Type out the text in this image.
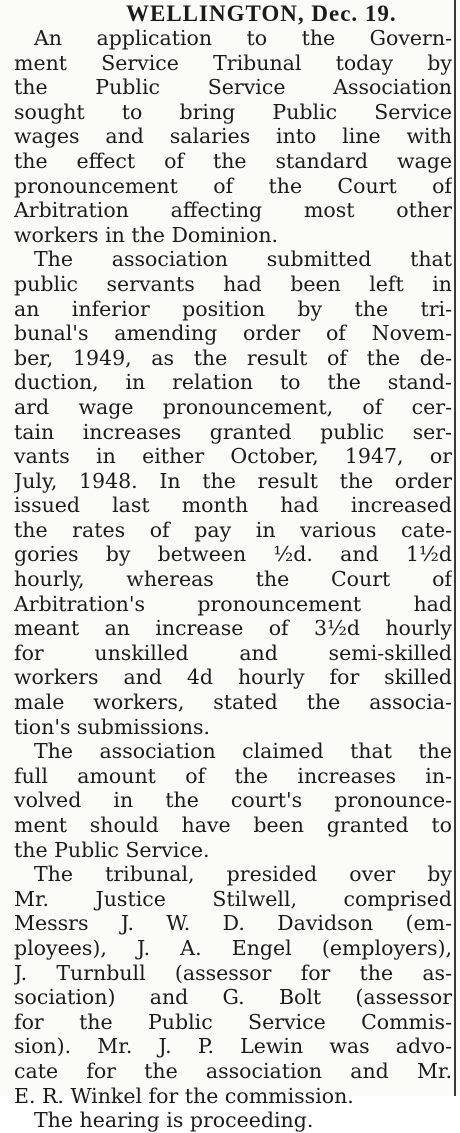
WELLINGTON, Dec. 19.
An application to the Govern-
ment Service Tribunal today by
the Public Service Association
sought to bring Public Service
wages and salaries into line with
the effect of the standard wage
pronouncement of the Court of
Arbitration affecting most other
workers in the Dominion.
The association submitted that
public servants had been left in
an inferior position by the tri-
bunal's amending order of Novem-
ber, 1949, as the result of the de-
duction, in relation to the stand-
ard wage pronouncement, of cer-
tain increases granted public ser-
vants in either October, 1947, or
July, 1948. In the result the order
issued last month had increased
the rates of pay in various cate-
gories by between ½d. and 1½d
hourly, whereas the Court of
Arbitration's pronouncement had
meant an increase of 3½d hourly
for unskilled and semi-skilled
workers and 4d hourly for skilled
male workers, stated the associa-
tion's submissions.
The association claimed that the
full amount of the increases in-
volved in the court's pronounce-
ment should have been granted to
the Public Service.
The tribunal, presided over by
Mr. Justice Stilwell, comprised
Messrs J. W. D. Davidson (em-
ployees), J. A. Engel (employers),
J. Turnbull (assessor for the as-
sociation) and G. Bolt (assessor
for the Public Service Commis-
sion). Mr. J. P. Lewin was advo-
cate for the association and Mr.
E. R. Winkel for the commission.
The hearing is proceeding.
